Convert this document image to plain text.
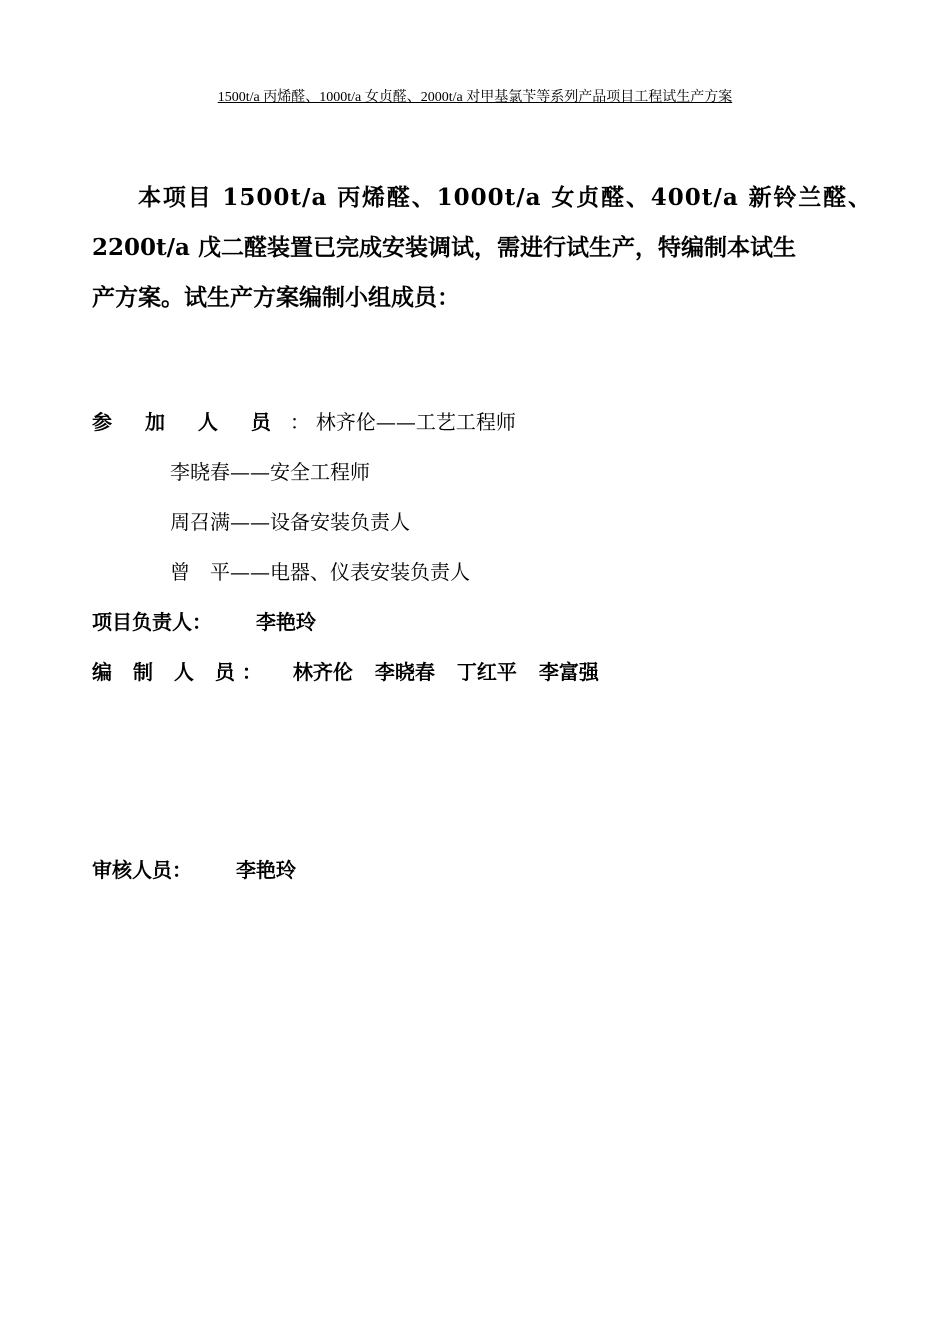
1500t/a 丙烯醛、1000t/a 女贞醛、2000t/a 对甲基氯苄等系列产品项目工程试生产方案
本项目 1500t/a 丙烯醛、1000t/a 女贞醛、400t/a 新铃兰醛、
2200t/a 戊二醛装置已完成安装调试，需进行试生产，特编制本试生
产方案。试生产方案编制小组成员：
参 加 人 员 ： 林齐伦——工艺工程师
李晓春——安全工程师
周召满——设备安装负责人
曾　平——电器、仪表安装负责人
项目负责人： 李艳玲
编 制 人 员： 林齐伦 李晓春 丁红平 李富强
审核人员： 李艳玲
